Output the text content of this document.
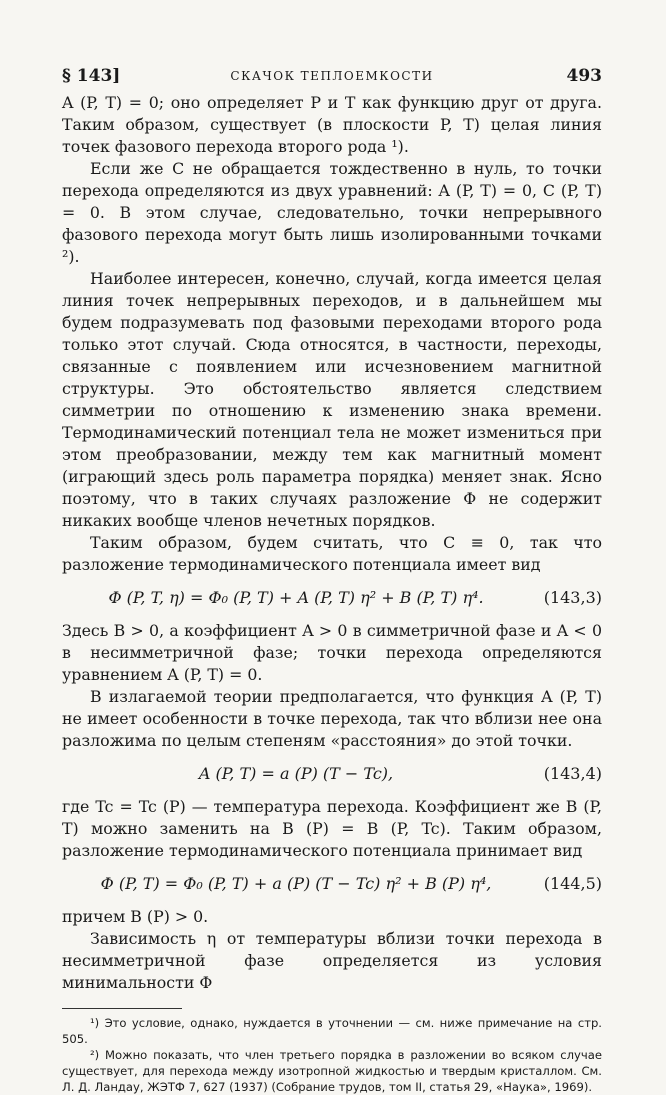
§ 143]	СКАЧОК ТЕПЛОЕМКОСТИ	493

A (P, T) = 0; оно определяет P и T как функцию друг от друга. Таким образом, существует (в плоскости P, T) целая линия точек фазового перехода второго рода ¹).

Если же C не обращается тождественно в нуль, то точки перехода определяются из двух уравнений: A (P, T) = 0, C (P, T) = 0. В этом случае, следовательно, точки непрерывного фазового перехода могут быть лишь изолированными точками ²).

Наиболее интересен, конечно, случай, когда имеется целая линия точек непрерывных переходов, и в дальнейшем мы будем подразумевать под фазовыми переходами второго рода только этот случай. Сюда относятся, в частности, переходы, связанные с появлением или исчезновением магнитной структуры. Это обстоятельство является следствием симметрии по отношению к изменению знака времени. Термодинамический потенциал тела не может измениться при этом преобразовании, между тем как магнитный момент (играющий здесь роль параметра порядка) меняет знак. Ясно поэтому, что в таких случаях разложение Φ не содержит никаких вообще членов нечетных порядков.

Таким образом, будем считать, что C ≡ 0, так что разложение термодинамического потенциала имеет вид

Φ (P, T, η) = Φ₀ (P, T) + A (P, T) η² + B (P, T) η⁴.	(143,3)

Здесь B > 0, а коэффициент A > 0 в симметричной фазе и A < 0 в несимметричной фазе; точки перехода определяются уравнением A (P, T) = 0.

В излагаемой теории предполагается, что функция A (P, T) не имеет особенности в точке перехода, так что вблизи нее она разложима по целым степеням «расстояния» до этой точки.

A (P, T) = a (P) (T − Tc),	(143,4)

где Tc = Tc (P) — температура перехода. Коэффициент же B (P, T) можно заменить на B (P) = B (P, Tc). Таким образом, разложение термодинамического потенциала принимает вид

Φ (P, T) = Φ₀ (P, T) + a (P) (T − Tc) η² + B (P) η⁴,	(144,5)

причем B (P) > 0.

Зависимость η от температуры вблизи точки перехода в несимметричной фазе определяется из условия минимальности Φ

¹) Это условие, однако, нуждается в уточнении — см. ниже примечание на стр. 505.

²) Можно показать, что член третьего порядка в разложении во всяком случае существует, для перехода между изотропной жидкостью и твердым кристаллом. См. Л. Д. Ландау, ЖЭТФ 7, 627 (1937) (Собрание трудов, том II, статья 29, «Наука», 1969).
